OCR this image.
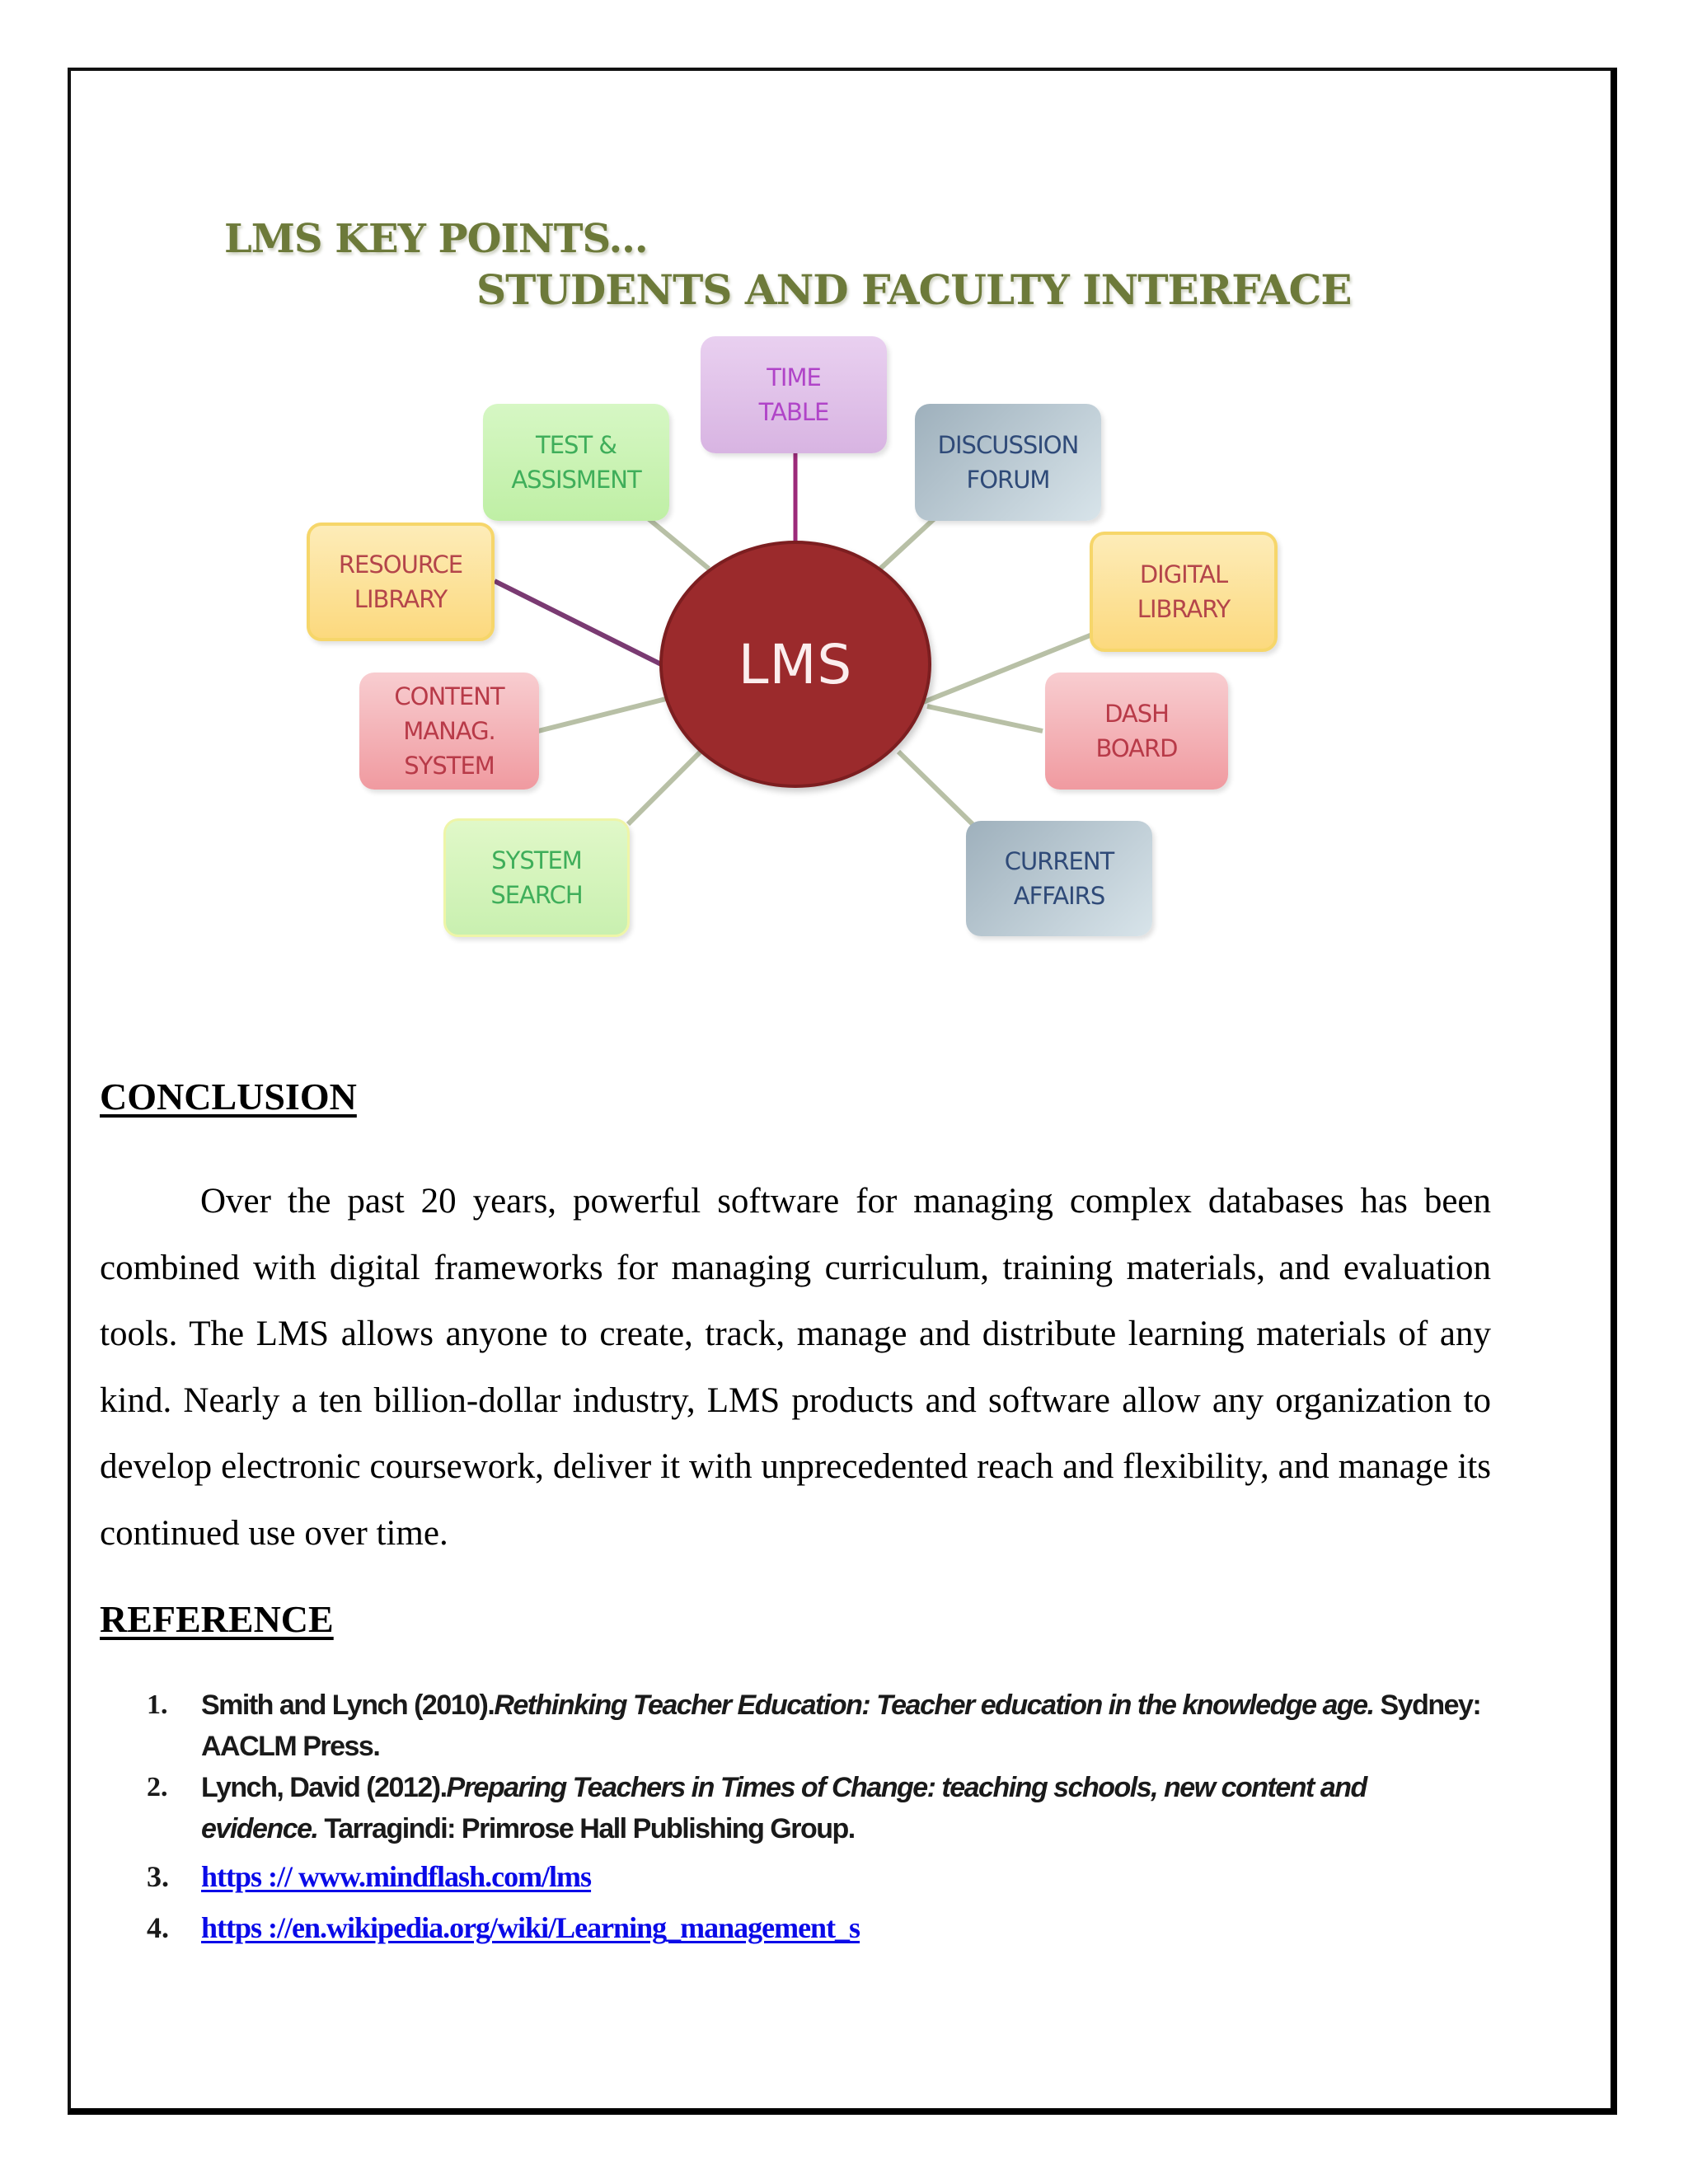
LMS KEY POINTS...
STUDENTS AND FACULTY INTERFACE
LMS
TIME
TABLE
TEST &
ASSISMENT
DISCUSSION
FORUM
RESOURCE
LIBRARY
DIGITAL
LIBRARY
CONTENT
MANAG.
SYSTEM
DASH
BOARD
SYSTEM
SEARCH
CURRENT
AFFAIRS
CONCLUSION

Over the past 20 years, powerful software for managing complex databases has been combined with digital frameworks for managing curriculum, training materials, and evaluation tools. The LMS allows anyone to create, track, manage and distribute learning materials of any kind. Nearly a ten billion-dollar industry, LMS products and software allow any organization to develop electronic coursework, deliver it with unprecedented reach and flexibility, and manage its continued use over time.

REFERENCE
1. Smith and Lynch (2010).Rethinking Teacher Education: Teacher education in the knowledge age. Sydney: AACLM Press.
2. Lynch, David (2012).Preparing Teachers in Times of Change: teaching schools, new content and evidence. Tarragindi: Primrose Hall Publishing Group.
3. https :// www.mindflash.com/lms
4. https ://en.wikipedia.org/wiki/Learning_management_s
